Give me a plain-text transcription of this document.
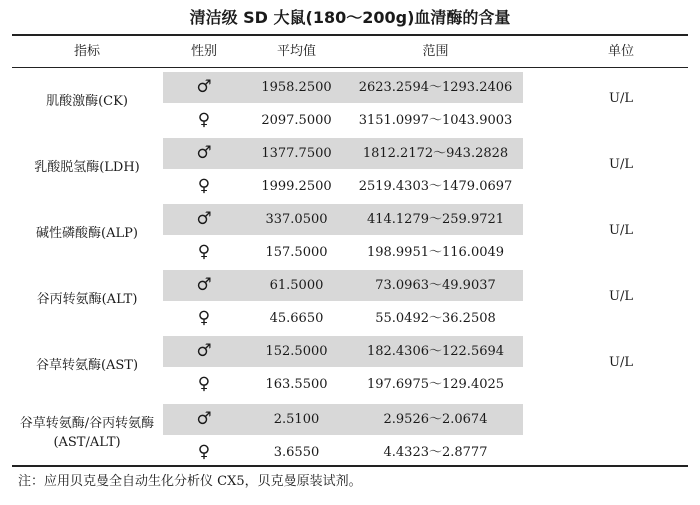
清洁级 SD 大鼠(180～200g)血清酶的含量
指标	性别	平均值	范围	单位
肌酸激酶(CK)	U/L
♂	1958.2500	2623.2594～1293.2406
♀	2097.5000	3151.0997～1043.9003
乳酸脱氢酶(LDH)	U/L
♂	1377.7500	1812.2172～943.2828
♀	1999.2500	2519.4303～1479.0697
碱性磷酸酶(ALP)	U/L
♂	337.0500	414.1279～259.9721
♀	157.5000	198.9951～116.0049
谷丙转氨酶(ALT)	U/L
♂	61.5000	73.0963～49.9037
♀	45.6650	55.0492～36.2508
谷草转氨酶(AST)	U/L
♂	152.5000	182.4306～122.5694
♀	163.5500	197.6975～129.4025
谷草转氨酶/谷丙转氨酶
(AST/ALT)
♂	2.5100	2.9526～2.0674
♀	3.6550	4.4323～2.8777
注：应用贝克曼全自动生化分析仪 CX5，贝克曼原装试剂。
